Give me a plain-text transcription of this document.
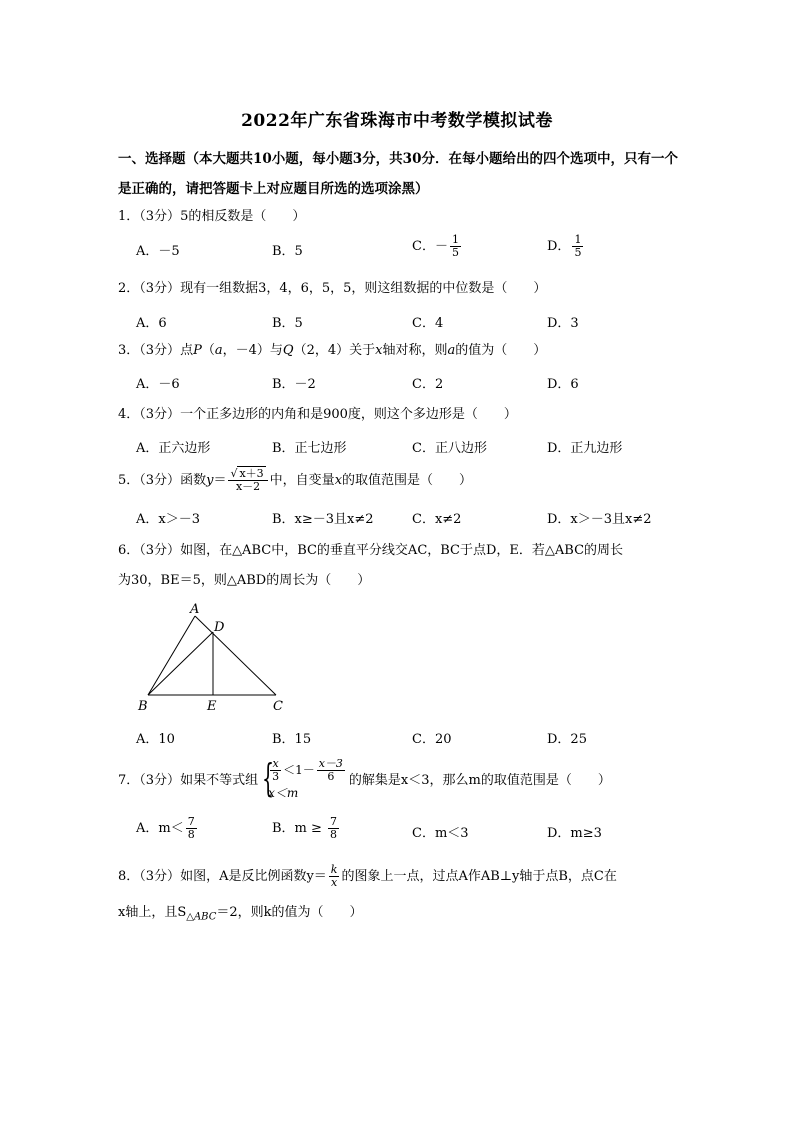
2022年广东省珠海市中考数学模拟试卷
一、选择题（本大题共10小题，每小题3分，共30分．在每小题给出的四个选项中，只有一个是正确的，请把答题卡上对应题目所选的选项涂黑）
1．（3分）5的相反数是（　　）
A．－5	B．5	C．－ $\frac{1}{5}$	D． $\frac{1}{5}$
2．（3分）现有一组数据3，4，6，5，5，则这组数据的中位数是（　　）
A．6	B．5	C．4	D．3
3．（3分）点P（a，－4）与Q（2，4）关于x轴对称，则a的值为（　　）
A．－6	B．－2	C．2	D．6
4．（3分）一个正多边形的内角和是900度，则这个多边形是（　　）
A．正六边形	B．正七边形	C．正八边形	D．正九边形
5．（3分）函数$y= \frac{√ x+3}{x-2}$ 中，自变量x的取值范围是（　　）
A．x＞－3	B．x≥－3且x≠2	C．x≠2	D．x＞－3且x≠2
6．（3分）如图，在△ABC中，BC的垂直平分线交AC，BC于点D，E．若△ABC的周长
为30，BE＝5，则△ABD的周长为（　　）
A
D
B	E	C
A．10	B．15	C．20	D．25
7．（3分）如果不等式组 {
$\frac{x}{3} <1- \frac{x-3}{6}$
x＜m
的解集是x＜3，那么m的取值范围是（　　）
A．$m< \frac{7}{8}$	B．$m \ge \frac{7}{8}$	C．m＜3	D．m≥3
8．（3分）如图，A是反比例函数$y= \frac{k}{x}$ 的图象上一点，过点A作AB⊥y轴于点B，点C在
x轴上，且$S_{\triangle ABC}=2$，则k的值为（　　）
